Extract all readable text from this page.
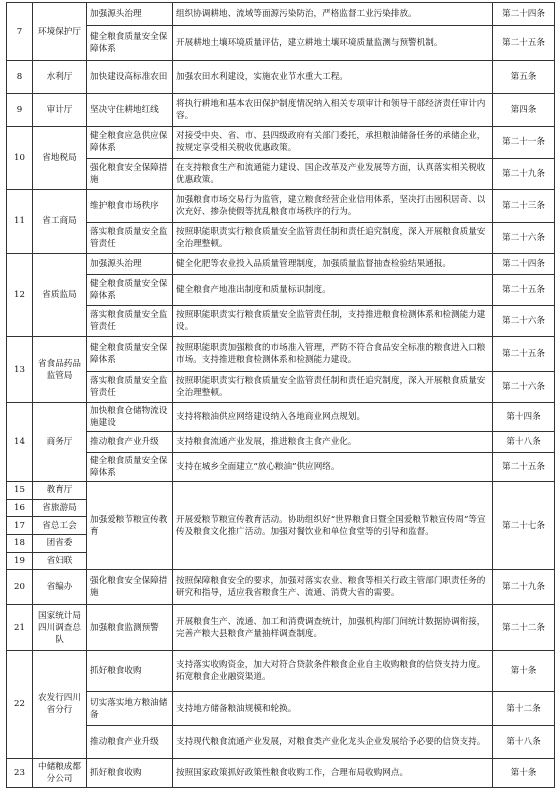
7	环境保护厅	加强源头治理	组织协调耕地、流域等面源污染防治，严格监督工业污染排放。	第二十四条
		健全粮食质量安全保障体系	开展耕地土壤环境质量评估，建立耕地土壤环境质量监测与预警机制。	第二十五条
8	水利厅	加快建设高标准农田	加强农田水利建设，实施农业节水重大工程。	第五条
9	审计厅	坚决守住耕地红线	将执行耕地和基本农田保护制度情况纳入相关专项审计和领导干部经济责任审计内容。	第四条
10	省地税局	健全粮食应急供应保障体系	对接受中央、省、市、县四级政府有关部门委托，承担粮油储备任务的承储企业，按规定享受相关税收优惠政策。	第二十一条
		强化粮食安全保障措施	在支持粮食生产和流通能力建设、国企改革及产业发展等方面，认真落实相关税收优惠政策。	第二十九条
11	省工商局	维护粮食市场秩序	加强粮食市场交易行为监管，建立粮食经营企业信用体系，坚决打击囤积居奇、以次充好、掺杂使假等扰乱粮食市场秩序的行为。	第二十三条
		落实粮食质量安全监管责任	按照职能职责实行粮食质量安全监管责任制和责任追究制度，深入开展粮食质量安全治理整顿。	第二十六条
12	省质监局	加强源头治理	健全化肥等农业投入品质量管理制度，加强质量监督抽查检验结果通报。	第二十四条
		健全粮食质量安全保障体系	健全粮食产地准出制度和质量标识制度。	第二十五条
		落实粮食质量安全监管责任	按照职能职责实行粮食质量安全监管责任制，支持推进粮食检测体系和检测能力建设。	第二十六条
13	省食品药品监管局	健全粮食质量安全保障体系	按照职能职责加强粮食的市场准入管理，严防不符合食品安全标准的粮食进入口粮市场。支持推进粮食检测体系和检测能力建设。	第二十五条
		落实粮食质量安全监管责任	按照职能职责实行粮食质量安全监管责任制和责任追究制度，深入开展粮食质量安全治理整顿。	第二十六条
14	商务厅	加快粮食仓储物流设施建设	支持将粮油供应网络建设纳入各地商业网点规划。	第十四条
		推动粮食产业升级	支持粮食流通产业发展，推进粮食主食产业化。	第十八条
		健全粮食质量安全保障体系	支持在城乡全面建立“放心粮油”供应网络。	第二十五条
15	教育厅	加强爱粮节粮宣传教育	开展爱粮节粮宣传教育活动。协助组织好“世界粮食日暨全国爱粮节粮宣传周”等宣传及粮食文化推广活动。加强对餐饮业和单位食堂等的引导和监督。	第二十七条
16	省旅游局			
17	省总工会			
18	团省委			
19	省妇联			
20	省编办	强化粮食安全保障措施	按照保障粮食安全的要求，加强对落实农业、粮食等相关行政主管部门职责任务的研究和指导，适应我省粮食生产、流通、消费大省的需要。	第二十九条
21	国家统计局四川调查总队	加强粮食监测预警	开展粮食生产、流通、加工和消费调查统计，加强机构部门间统计数据协调衔接，完善产粮大县粮食产量抽样调查制度。	第二十二条
22	农发行四川省分行	抓好粮食收购	支持落实收购资金，加大对符合贷款条件粮食企业自主收购粮食的信贷支持力度。拓宽粮食企业融资渠道。	第十条
		切实落实地方粮油储备	支持地方储备粮油规模和轮换。	第十二条
		推动粮食产业升级	支持现代粮食流通产业发展，对粮食类产业化龙头企业发展给予必要的信贷支持。	第十八条
23	中储粮成都分公司	抓好粮食收购	按照国家政策抓好政策性粮食收购工作，合理布局收购网点。	第十条
